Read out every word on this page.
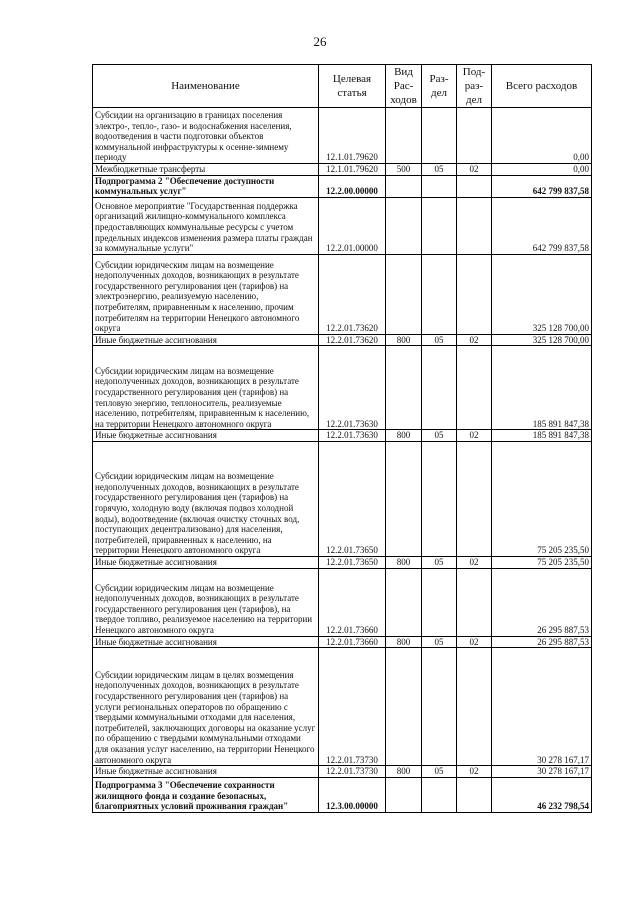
26
Наименование	Целевая статья	Вид Рас- ходов	Раз- дел	Под- раз- дел	Всего расходов
Субсидии на организацию в границах поселения электро-, тепло-, газо- и водоснабжения населения, водоотведения в части подготовки объектов коммунальной инфраструктуры к осенне-зимнему периоду	12.1.01.79620				0,00
Межбюджетные трансферты	12.1.01.79620	500	05	02	0,00
Подпрограмма 2 "Обеспечение доступности коммунальных услуг"	12.2.00.00000				642 799 837,58
Основное мероприятие "Государственная поддержка организаций жилищно-коммунального комплекса предоставляющих коммунальные ресурсы с учетом предельных индексов изменения размера платы граждан за коммунальные услуги"	12.2.01.00000				642 799 837,58
Субсидии юридическим лицам на возмещение недополученных доходов, возникающих в результате государственного регулирования цен (тарифов) на электроэнергию, реализуемую населению, потребителям, приравненным к населению, прочим потребителям на территории Ненецкого автономного округа	12.2.01.73620				325 128 700,00
Иные бюджетные ассигнования	12.2.01.73620	800	05	02	325 128 700,00
Субсидии юридическим лицам на возмещение недополученных доходов, возникающих в результате государственного регулирования цен (тарифов) на тепловую энергию, теплоноситель, реализуемые населению, потребителям, приравненным к населению, на территории Ненецкого автономного округа	12.2.01.73630				185 891 847,38
Иные бюджетные ассигнования	12.2.01.73630	800	05	02	185 891 847,38
Субсидии юридическим лицам на возмещение недополученных доходов, возникающих в результате государственного регулирования цен (тарифов) на горячую, холодную воду (включая подвоз холодной воды), водоотведение (включая очистку сточных вод, поступающих децентрализовано) для населения, потребителей, приравненных к населению, на территории Ненецкого автономного округа	12.2.01.73650				75 205 235,50
Иные бюджетные ассигнования	12.2.01.73650	800	05	02	75 205 235,50
Субсидии юридическим лицам на возмещение недополученных доходов, возникающих в результате государственного регулирования цен (тарифов), на твердое топливо, реализуемое населению на территории Ненецкого автономного округа	12.2.01.73660				26 295 887,53
Иные бюджетные ассигнования	12.2.01.73660	800	05	02	26 295 887,53
Субсидии юридическим лицам в целях возмещения недополученных доходов, возникающих в результате государственного регулирования цен (тарифов) на услуги региональных операторов по обращению с твердыми коммунальными отходами для населения, потребителей, заключающих договоры на оказание услуг по обращению с твердыми коммунальными отходами для оказания услуг населению, на территории Ненецкого автономного округа	12.2.01.73730				30 278 167,17
Иные бюджетные ассигнования	12.2.01.73730	800	05	02	30 278 167,17
Подпрограмма 3 "Обеспечение сохранности жилищного фонда и создание безопасных, благоприятных условий проживания граждан"	12.3.00.00000				46 232 798,54
